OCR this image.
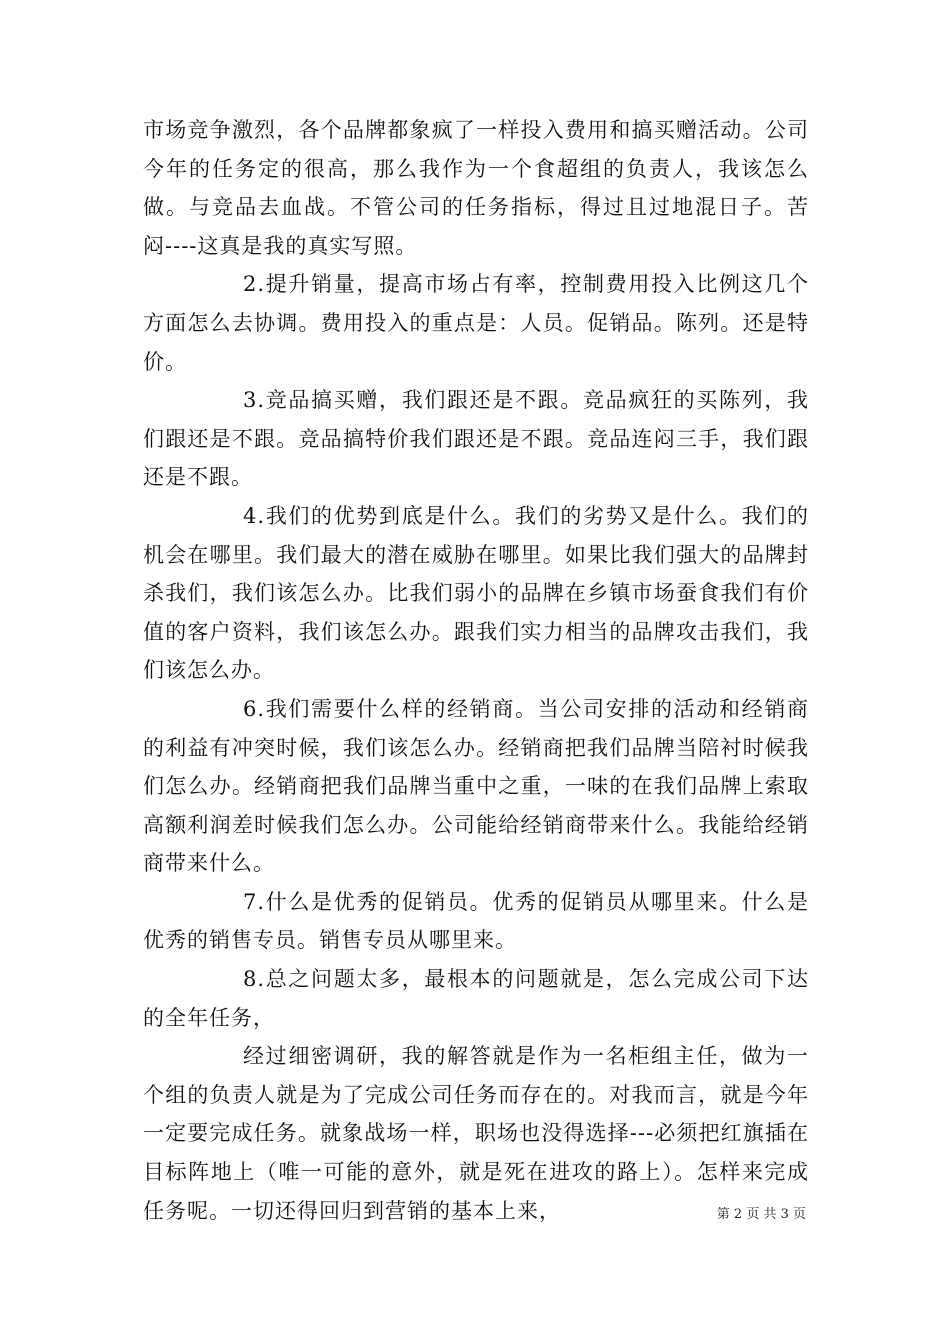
市场竞争激烈，各个品牌都象疯了一样投入费用和搞买赠活动。公司今年的任务定的很高，那么我作为一个食超组的负责人，我该怎么做。与竞品去血战。不管公司的任务指标，得过且过地混日子。苦闷----这真是我的真实写照。

2.提升销量，提高市场占有率，控制费用投入比例这几个方面怎么去协调。费用投入的重点是：人员。促销品。陈列。还是特价。

3.竞品搞买赠，我们跟还是不跟。竞品疯狂的买陈列，我们跟还是不跟。竞品搞特价我们跟还是不跟。竞品连闷三手，我们跟还是不跟。

4.我们的优势到底是什么。我们的劣势又是什么。我们的机会在哪里。我们最大的潜在威胁在哪里。如果比我们强大的品牌封杀我们，我们该怎么办。比我们弱小的品牌在乡镇市场蚕食我们有价值的客户资料，我们该怎么办。跟我们实力相当的品牌攻击我们，我们该怎么办。

6.我们需要什么样的经销商。当公司安排的活动和经销商的利益有冲突时候，我们该怎么办。经销商把我们品牌当陪衬时候我们怎么办。经销商把我们品牌当重中之重，一味的在我们品牌上索取高额利润差时候我们怎么办。公司能给经销商带来什么。我能给经销商带来什么。

7.什么是优秀的促销员。优秀的促销员从哪里来。什么是优秀的销售专员。销售专员从哪里来。

8.总之问题太多，最根本的问题就是，怎么完成公司下达的全年任务，

经过细密调研，我的解答就是作为一名柜组主任，做为一个组的负责人就是为了完成公司任务而存在的。对我而言，就是今年一定要完成任务。就象战场一样，职场也没得选择---必须把红旗插在目标阵地上（唯一可能的意外，就是死在进攻的路上）。怎样来完成任务呢。一切还得回归到营销的基本上来，	第 2 页 共 3 页
